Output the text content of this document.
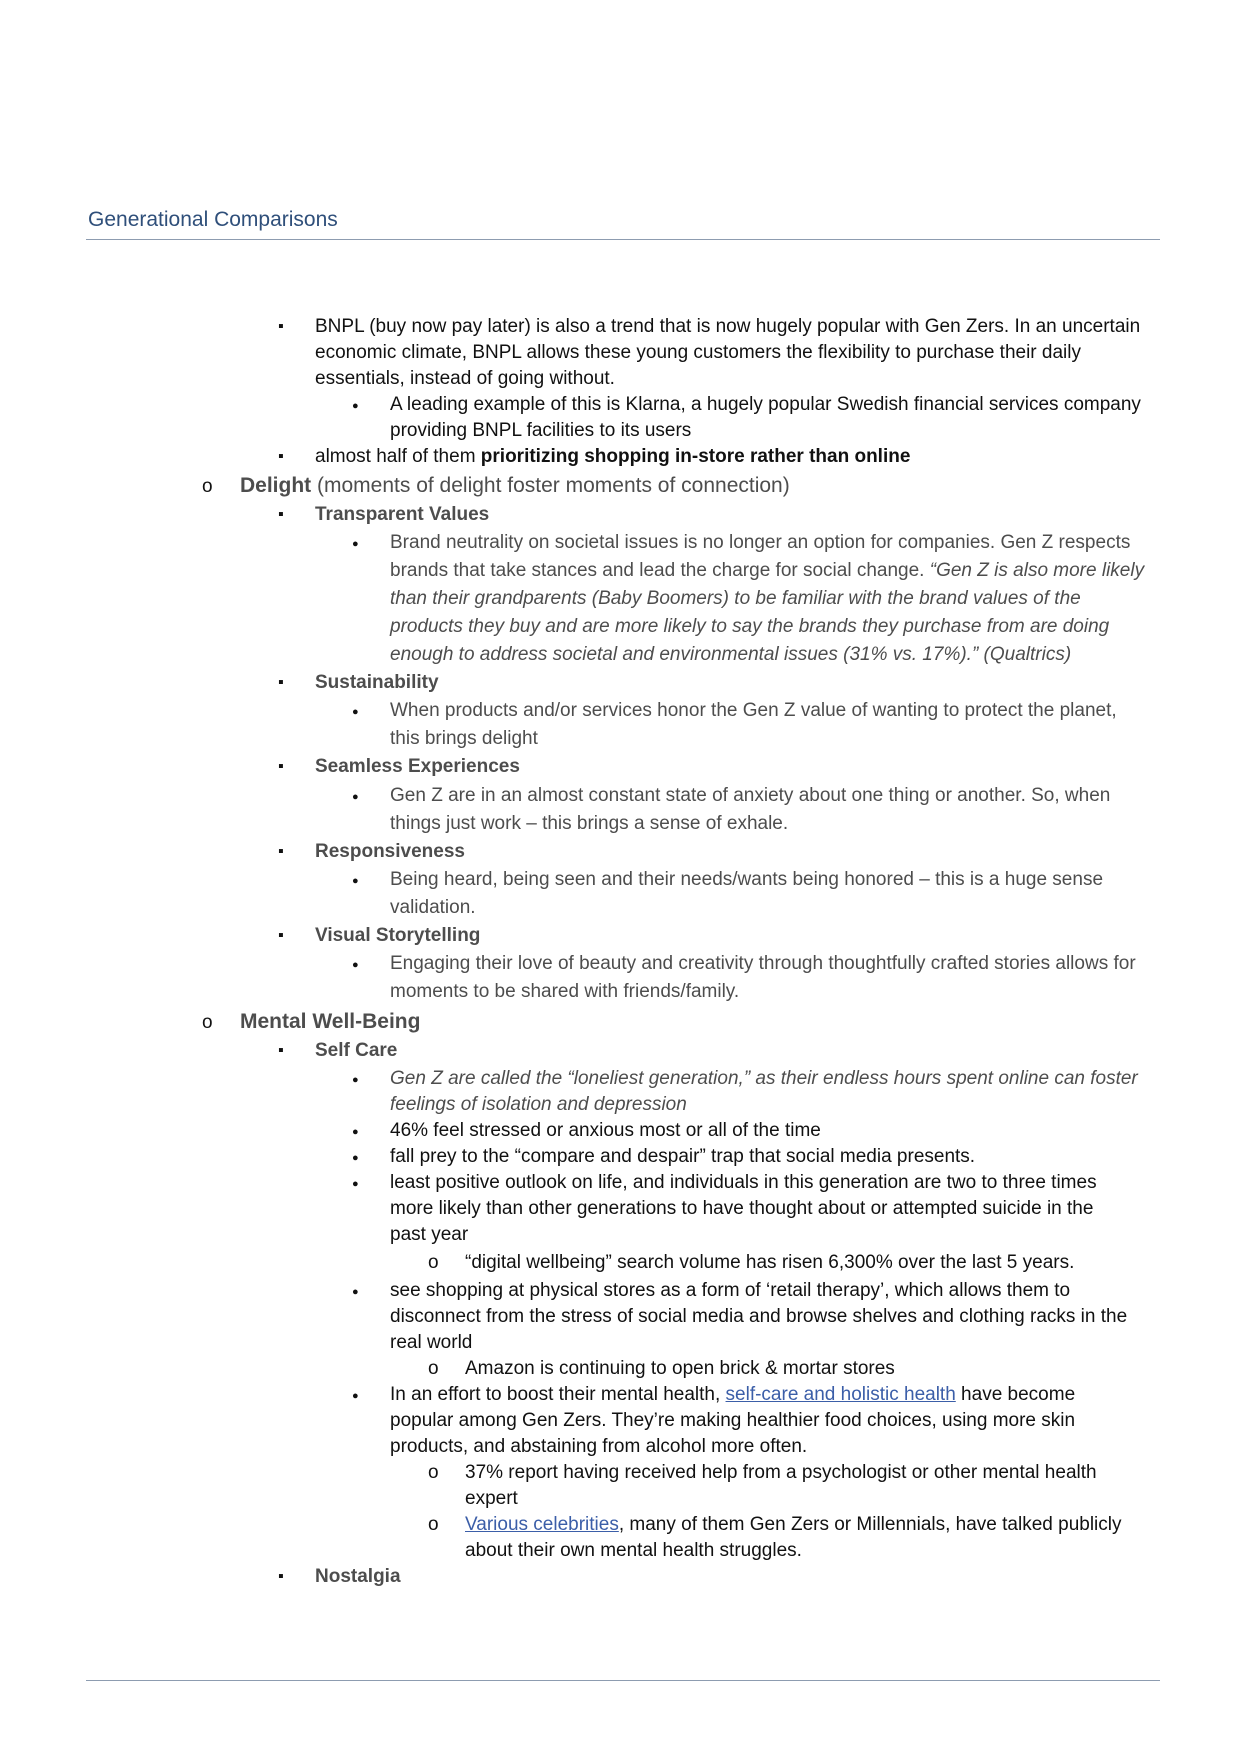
Generational Comparisons
▪
BNPL (buy now pay later) is also a trend that is now hugely popular with Gen Zers. In an uncertain
economic climate, BNPL allows these young customers the flexibility to purchase their daily
essentials, instead of going without.
●
A leading example of this is Klarna, a hugely popular Swedish financial services company
providing BNPL facilities to its users
▪
almost half of them prioritizing shopping in-store rather than online
o
Delight (moments of delight foster moments of connection)
▪
Transparent Values
●
Brand neutrality on societal issues is no longer an option for companies. Gen Z respects
brands that take stances and lead the charge for social change. “Gen Z is also more likely
than their grandparents (Baby Boomers) to be familiar with the brand values of the
products they buy and are more likely to say the brands they purchase from are doing
enough to address societal and environmental issues (31% vs. 17%).” (Qualtrics)
▪
Sustainability
●
When products and/or services honor the Gen Z value of wanting to protect the planet,
this brings delight
▪
Seamless Experiences
●
Gen Z are in an almost constant state of anxiety about one thing or another. So, when
things just work – this brings a sense of exhale.
▪
Responsiveness
●
Being heard, being seen and their needs/wants being honored – this is a huge sense
validation.
▪
Visual Storytelling
●
Engaging their love of beauty and creativity through thoughtfully crafted stories allows for
moments to be shared with friends/family.
o
Mental Well-Being
▪
Self Care
●
Gen Z are called the “loneliest generation,” as their endless hours spent online can foster
feelings of isolation and depression
●
46% feel stressed or anxious most or all of the time
●
fall prey to the “compare and despair” trap that social media presents.
●
least positive outlook on life, and individuals in this generation are two to three times
more likely than other generations to have thought about or attempted suicide in the
past year
o
“digital wellbeing” search volume has risen 6,300% over the last 5 years.
●
see shopping at physical stores as a form of ‘retail therapy’, which allows them to
disconnect from the stress of social media and browse shelves and clothing racks in the
real world
o
Amazon is continuing to open brick & mortar stores
●
In an effort to boost their mental health, self-care and holistic health have become
popular among Gen Zers. They’re making healthier food choices, using more skin
products, and abstaining from alcohol more often.
o
37% report having received help from a psychologist or other mental health
expert
o
Various celebrities, many of them Gen Zers or Millennials, have talked publicly
about their own mental health struggles.
▪
Nostalgia
